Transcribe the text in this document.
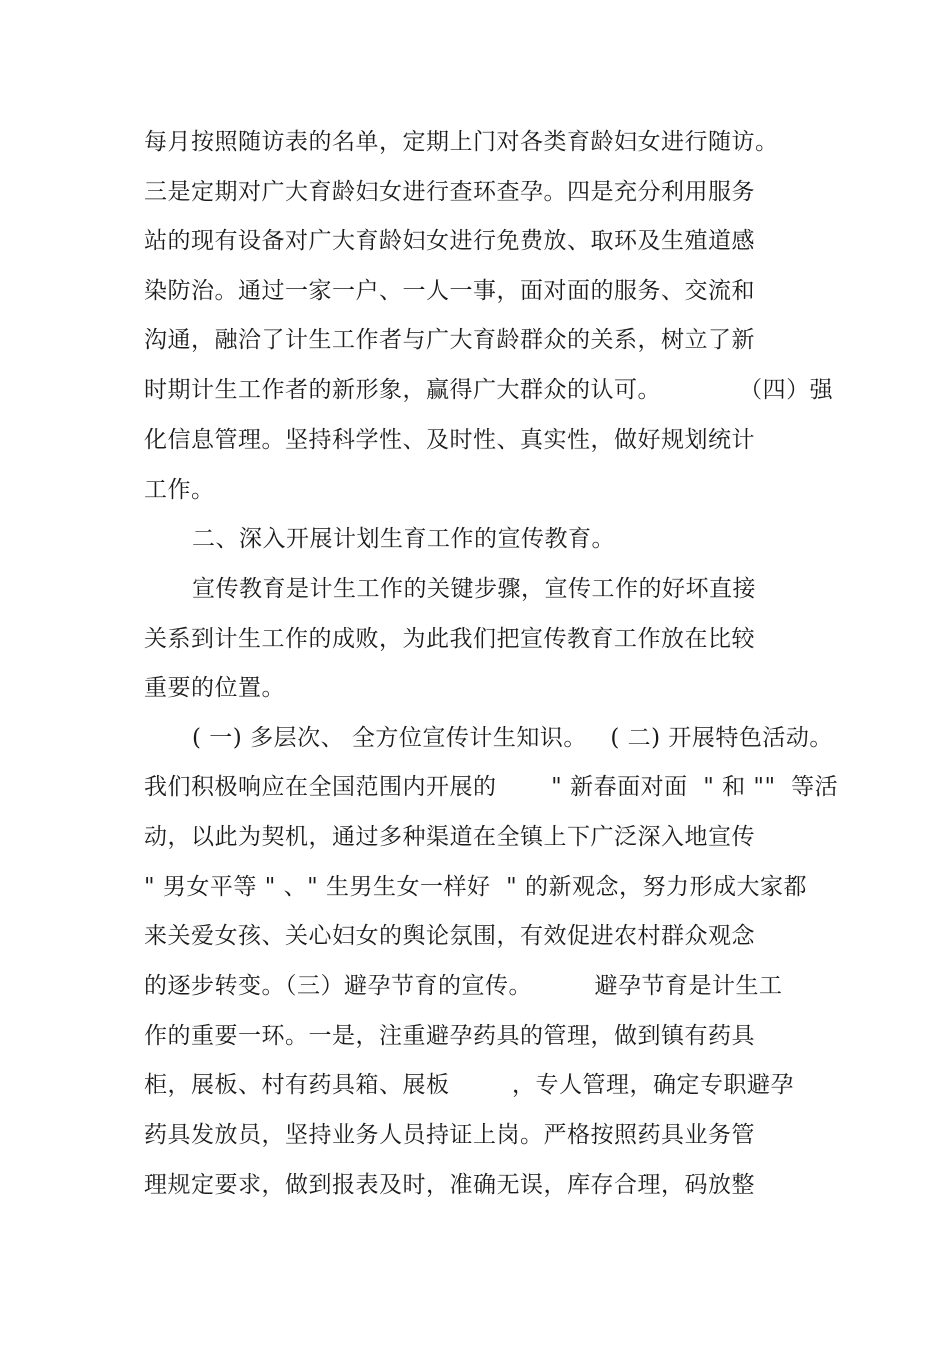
每月按照随访表的名单，定期上门对各类育龄妇女进行随访。
三是定期对广大育龄妇女进行查环查孕。四是充分利用服务
站的现有设备对广大育龄妇女进行免费放、取环及生殖道感
染防治。通过一家一户、一人一事，面对面的服务、交流和
沟通，融洽了计生工作者与广大育龄群众的关系，树立了新
时期计生工作者的新形象，赢得广大群众的认可。          （四）强
化信息管理。坚持科学性、及时性、真实性，做好规划统计
工作。
二、深入开展计划生育工作的宣传教育。
宣传教育是计生工作的关键步骤，宣传工作的好坏直接
关系到计生工作的成败，为此我们把宣传教育工作放在比较
重要的位置。
( 一) 多层次、 全方位宣传计生知识。   ( 二) 开展特色活动。
我们积极响应在全国范围内开展的       " 新春面对面  " 和 ""  等活
动，以此为契机，通过多种渠道在全镇上下广泛深入地宣传
" 男女平等 " 、" 生男生女一样好  " 的新观念，努力形成大家都
来关爱女孩、关心妇女的舆论氛围，有效促进农村群众观念
的逐步转变。（三）避孕节育的宣传。        避孕节育是计生工
作的重要一环。一是，注重避孕药具的管理，做到镇有药具
柜，展板、村有药具箱、展板        ，专人管理，确定专职避孕
药具发放员，坚持业务人员持证上岗。严格按照药具业务管
理规定要求，做到报表及时，准确无误，库存合理，码放整
